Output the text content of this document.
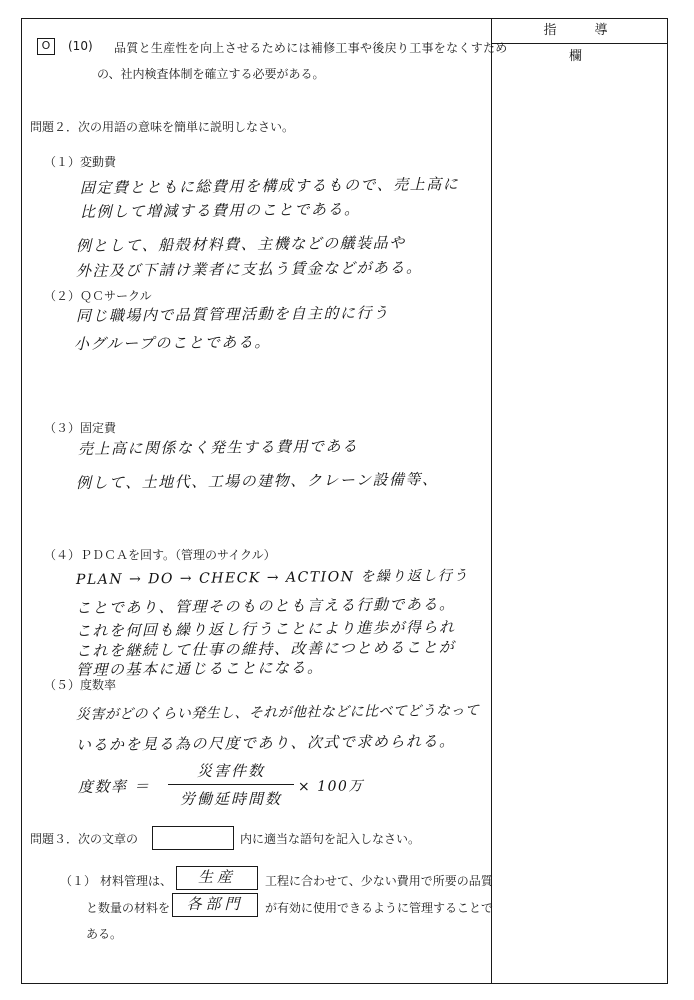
指導欄
O	(10) 品質と生産性を向上させるためには補修工事や後戻り工事をなくすため
の、社内検査体制を確立する必要がある。
問題２．次の用語の意味を簡単に説明しなさい。
（１）変動費
固定費とともに総費用を構成するもので、売上高に
比例して増減する費用のことである。
例として、船殻材料費、主機などの艤装品や
外注及び下請け業者に支払う賃金などがある。
（２）ＱＣサークル
同じ職場内で品質管理活動を自主的に行う
小グループのことである。
（３）固定費
売上高に関係なく発生する費用である
例して、土地代、工場の建物、クレーン設備等、
（４）ＰＤＣＡを回す。（管理のサイクル）
PLAN → DO → CHECK → ACTION を繰り返し行う
ことであり、管理そのものとも言える行動である。
これを何回も繰り返し行うことにより進歩が得られ
これを継続して仕事の維持、改善につとめることが
管理の基本に通じることになる。
（５）度数率
災害がどのくらい発生し、それが他社などに比べてどうなって
いるかを見る為の尺度であり、次式で求められる。
度数率 ＝
災害件数
労働延時間数
× 100万
問題３．次の文章の	内に適当な語句を記入しなさい。
（１） 材料管理は、	生産	工程に合わせて、少ない費用で所要の品質
と数量の材料を	各部門	が有効に使用できるように管理することで
ある。
